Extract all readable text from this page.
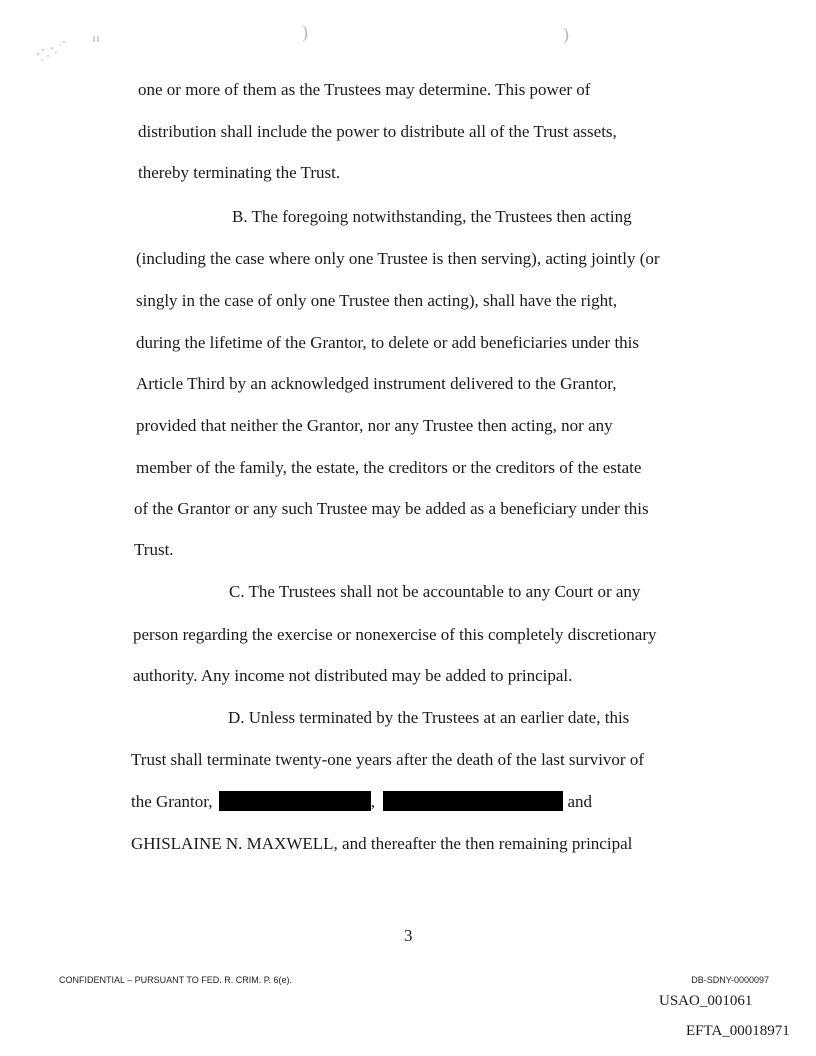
)	)
one or more of them as the Trustees may determine. This power of
distribution shall include the power to distribute all of the Trust assets,
thereby terminating the Trust.
B. The foregoing notwithstanding, the Trustees then acting
(including the case where only one Trustee is then serving), acting jointly (or
singly in the case of only one Trustee then acting), shall have the right,
during the lifetime of the Grantor, to delete or add beneficiaries under this
Article Third by an acknowledged instrument delivered to the Grantor,
provided that neither the Grantor, nor any Trustee then acting, nor any
member of the family, the estate, the creditors or the creditors of the estate
of the Grantor or any such Trustee may be added as a beneficiary under this
Trust.
C. The Trustees shall not be accountable to any Court or any
person regarding the exercise or nonexercise of this completely discretionary
authority. Any income not distributed may be added to principal.
D. Unless terminated by the Trustees at an earlier date, this
Trust shall terminate twenty-one years after the death of the last survivor of
the Grantor,	,	and
GHISLAINE N. MAXWELL, and thereafter the then remaining principal
3
CONFIDENTIAL – PURSUANT TO FED. R. CRIM. P. 6(e).	DB-SDNY-0000097
USAO_001061
EFTA_00018971
